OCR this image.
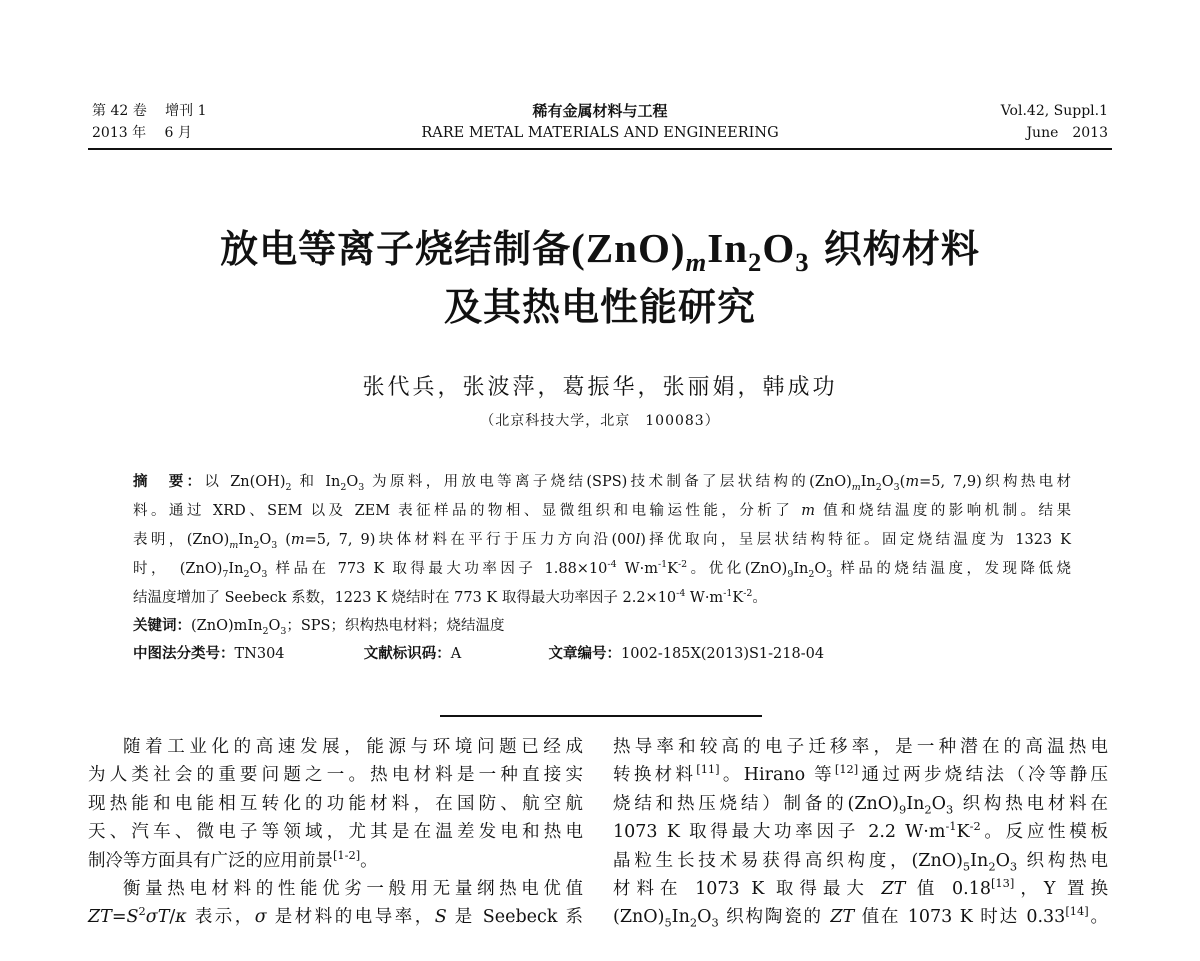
第 42 卷　 增刊 1
2013 年　 6 月
稀有金属材料与工程
RARE METAL MATERIALS AND ENGINEERING
Vol.42, Suppl.1
June　2013
放电等离子烧结制备$(ZnO)_mIn_2O_3$ 织构材料
及其热电性能研究
张代兵，张波萍，葛振华，张丽娟，韩成功
（北京科技大学，北京　100083）
摘　要：以 $Zn(OH)_2$ 和 $In_2O_3$ 为原料，用放电等离子烧结(SPS)技术制备了层状结构的$(ZnO)_mIn_2O_3(m=5$, 7,9)织构热电材
料。通过 XRD、SEM 以及 ZEM 表征样品的物相、显微组织和电输运性能，分析了 m 值和烧结温度的影响机制。结果
表明，$(ZnO)_mIn_2O_3$ (m=5, 7, 9)块体材料在平行于压力方向沿(00l)择优取向，呈层状结构特征。固定烧结温度为 1323 K
时，　$(ZnO)_7In_2O_3$ 样品在 773 K 取得最大功率因子 $1.88\times 10^{-4}$ $W\cdot m^{-1}K^{-2}$。优化$(ZnO)_9In_2O_3$ 样品的烧结温度，发现降低烧
结温度增加了 Seebeck 系数，1223 K 烧结时在 773 K 取得最大功率因子 $2.2\times 10^{-4}$ $W\cdot m^{-1}K^{-2}$。
关键词：$(ZnO)mIn_2O_3$；SPS；织构热电材料；烧结温度
中图法分类号：TN304	文献标识码：A	文章编号：1002-185X(2013)S1-218-04
随着工业化的高速发展，能源与环境问题已经成
为人类社会的重要问题之一。热电材料是一种直接实
现热能和电能相互转化的功能材料，在国防、航空航
天、汽车、微电子等领域，尤其是在温差发电和热电
制冷等方面具有广泛的应用前景[1-2]。
衡量热电材料的性能优劣一般用无量纲热电优值
$ZT=S^2\sigma T/\kappa$ 表示，σ 是材料的电导率，S 是 Seebeck 系
热导率和较高的电子迁移率，是一种潜在的高温热电
转换材料[11]。Hirano 等[12]通过两步烧结法（冷等静压
烧结和热压烧结）制备的$(ZnO)_9In_2O_3$ 织构热电材料在
1073 K 取得最大功率因子 2.2 $W\cdot m^{-1}K^{-2}$。反应性模板
晶粒生长技术易获得高织构度，$(ZnO)_5In_2O_3$ 织构热电
材料在 1073 K 取得最大 ZT 值 0.18[13]，Y 置换
$(ZnO)_5In_2O_3$ 织构陶瓷的 ZT 值在 1073 K 时达 0.33[14]。
